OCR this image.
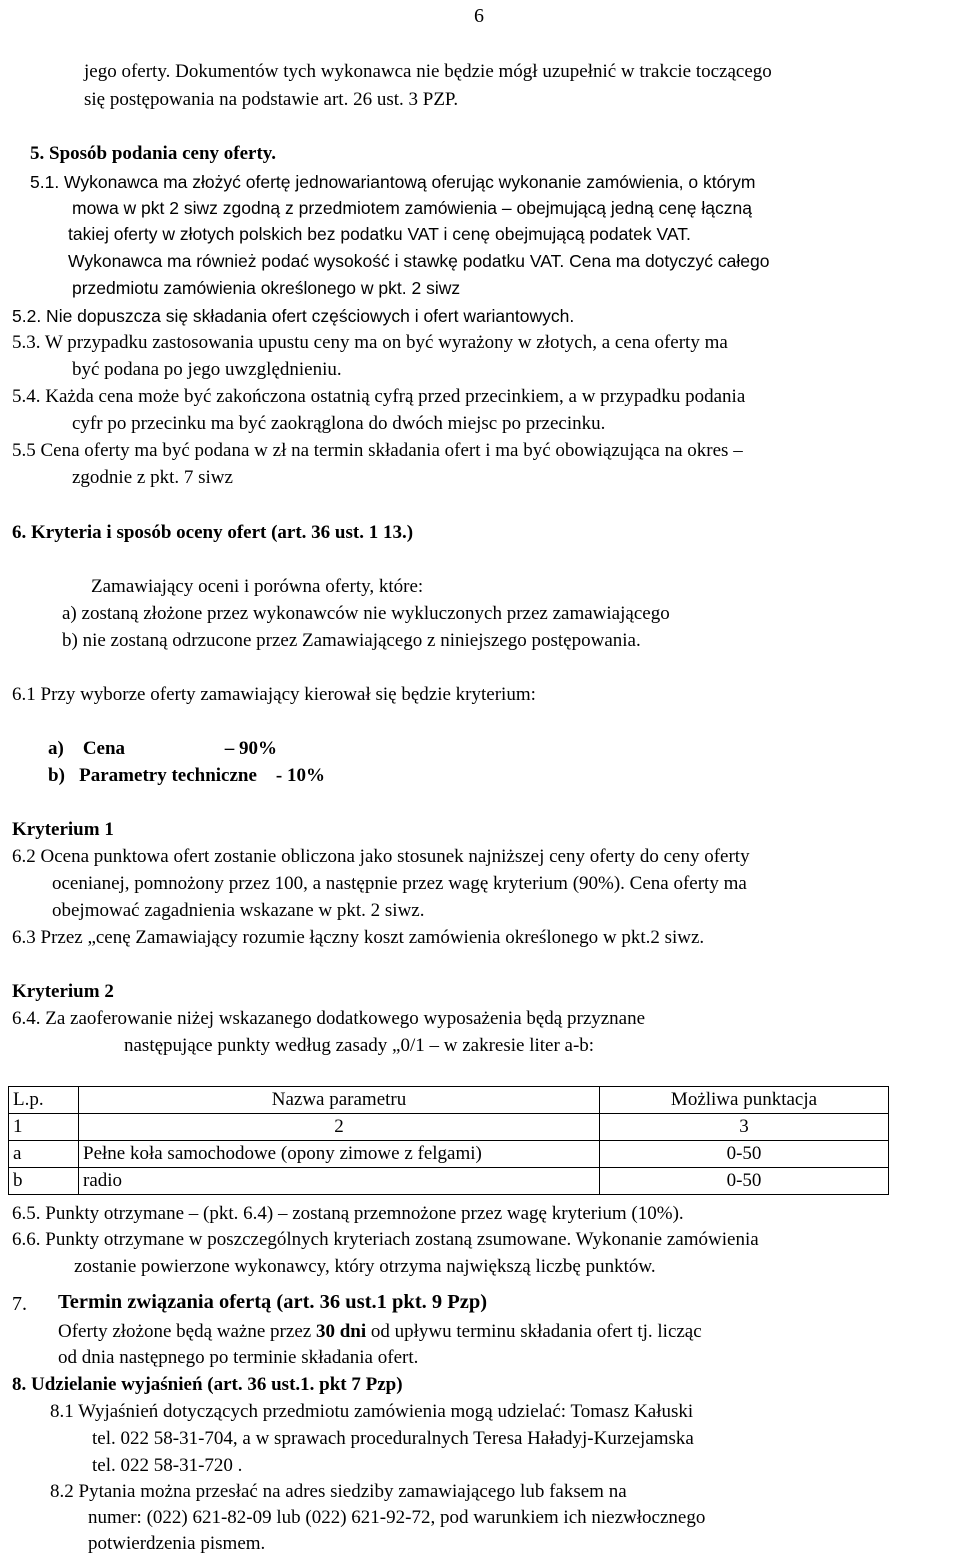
6
jego oferty. Dokumentów tych wykonawca nie będzie mógł uzupełnić w trakcie toczącego
się postępowania na podstawie art. 26 ust. 3 PZP.
5. Sposób podania ceny oferty.
5.1. Wykonawca ma złożyć ofertę jednowariantową oferując wykonanie zamówienia, o którym
mowa w pkt 2 siwz zgodną z przedmiotem zamówienia – obejmującą jedną cenę łączną
takiej oferty w złotych polskich bez podatku VAT i cenę obejmującą podatek VAT.
Wykonawca ma również podać wysokość i stawkę podatku VAT. Cena ma dotyczyć całego
przedmiotu zamówienia określonego w pkt. 2 siwz
5.2. Nie dopuszcza się składania ofert częściowych i ofert wariantowych.
5.3. W przypadku zastosowania upustu ceny ma on być wyrażony w złotych, a cena oferty ma
być podana po jego uwzględnieniu.
5.4. Każda cena może być zakończona ostatnią cyfrą przed przecinkiem, a w przypadku podania
cyfr po przecinku ma być zaokrąglona do dwóch miejsc po przecinku.
5.5 Cena oferty ma być podana w zł na termin składania ofert i ma być obowiązująca na okres –
zgodnie z pkt. 7 siwz
6. Kryteria i sposób oceny ofert (art. 36 ust. 1 13.)
Zamawiający oceni i porówna oferty, które:
a) zostaną złożone przez wykonawców nie wykluczonych przez zamawiającego
b) nie zostaną odrzucone przez Zamawiającego z niniejszego postępowania.
6.1 Przy wyborze oferty zamawiający kierował się będzie kryterium:
a)    Cena                     – 90%
b)   Parametry techniczne    - 10%
Kryterium 1
6.2 Ocena punktowa ofert zostanie obliczona jako stosunek najniższej ceny oferty do ceny oferty
ocenianej, pomnożony przez 100, a następnie przez wagę kryterium (90%). Cena oferty ma
obejmować zagadnienia wskazane w pkt. 2 siwz.
6.3 Przez „cenę Zamawiający rozumie łączny koszt zamówienia określonego w pkt.2 siwz.
Kryterium 2
6.4. Za zaoferowanie niżej wskazanego dodatkowego wyposażenia będą przyznane
następujące punkty według zasady „0/1 – w zakresie liter a-b:
L.p.	Nazwa parametru	Możliwa punktacja
1	2	3
a	Pełne koła samochodowe (opony zimowe z felgami)	0-50
b	radio	0-50
6.5. Punkty otrzymane – (pkt. 6.4) – zostaną przemnożone przez wagę kryterium (10%).
6.6. Punkty otrzymane w poszczególnych kryteriach zostaną zsumowane. Wykonanie zamówienia
zostanie powierzone wykonawcy, który otrzyma największą liczbę punktów.
7. Termin związania ofertą (art. 36 ust.1 pkt. 9 Pzp)
Oferty złożone będą ważne przez 30 dni od upływu terminu składania ofert tj. licząc
od dnia następnego po terminie składania ofert.
8. Udzielanie wyjaśnień (art. 36 ust.1. pkt 7 Pzp)
8.1 Wyjaśnień dotyczących przedmiotu zamówienia mogą udzielać: Tomasz Kałuski
tel. 022 58-31-704, a w sprawach proceduralnych Teresa Haładyj-Kurzejamska
tel. 022 58-31-720 .
8.2 Pytania można przesłać na adres siedziby zamawiającego lub faksem na
numer: (022) 621-82-09 lub (022) 621-92-72, pod warunkiem ich niezwłocznego
potwierdzenia pismem.
